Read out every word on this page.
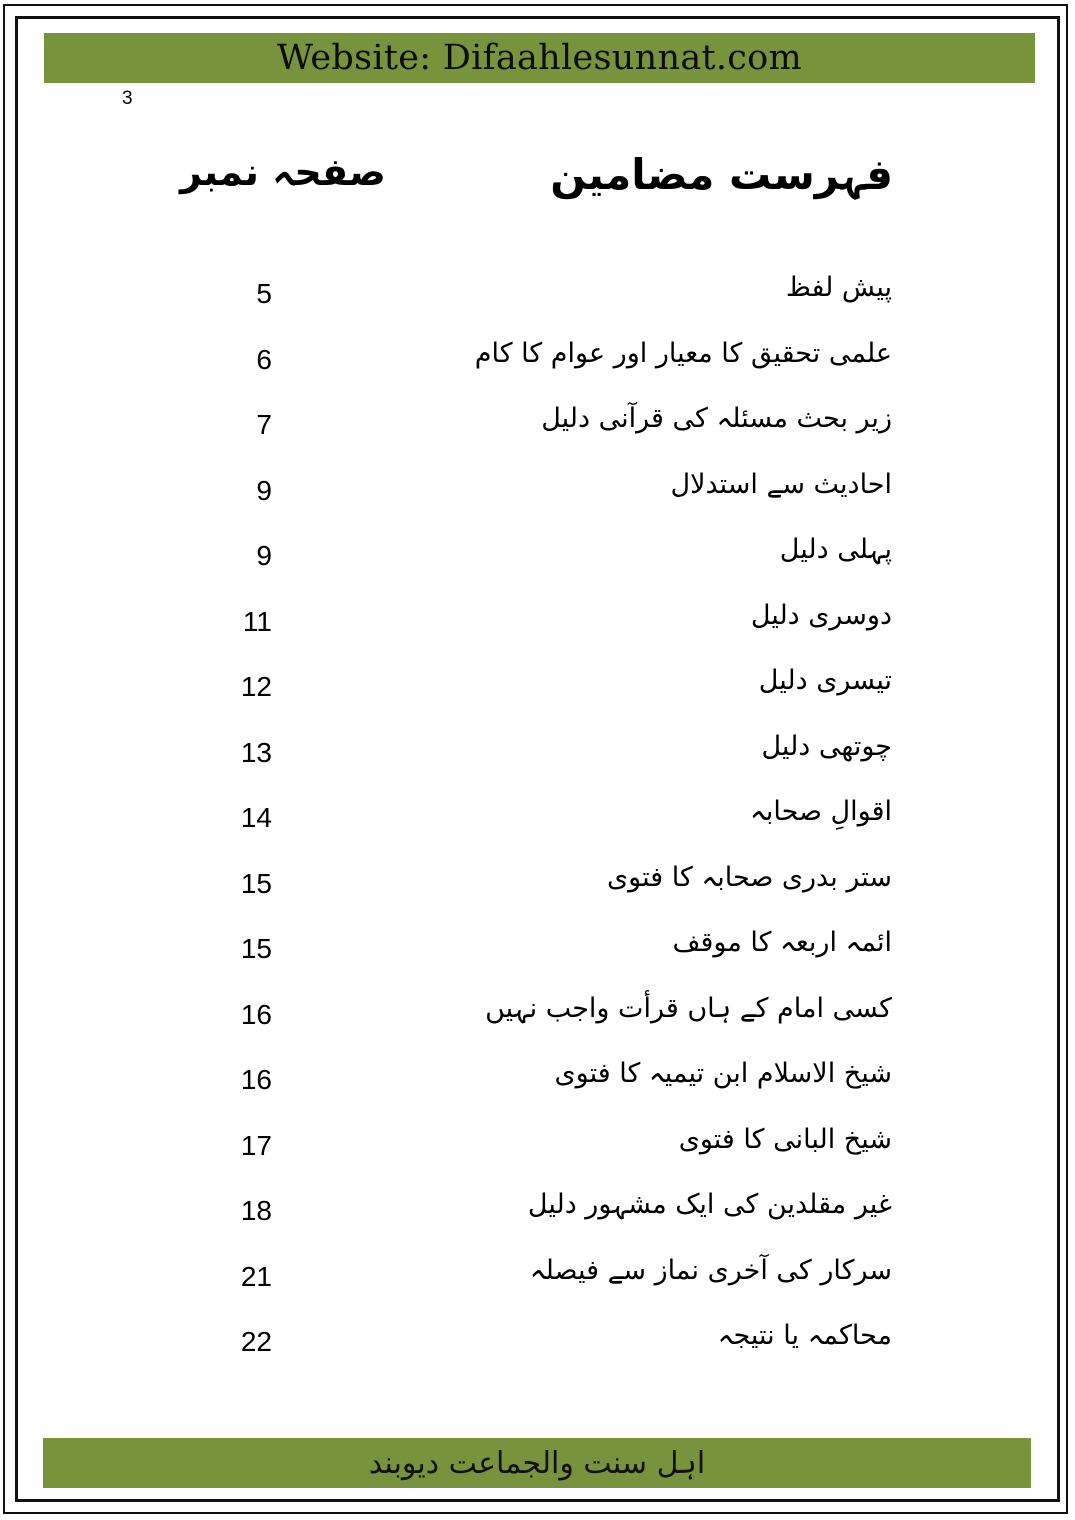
Website: Difaahlesunnat.com
3
فہرست مضامین
صفحہ نمبر
پیش لفظ
5
علمی تحقیق کا معیار اور عوام کا کام
6
زیر بحث مسئلہ کی قرآنی دلیل
7
احادیث سے استدلال
9
پہلی دلیل
9
دوسری دلیل
11
تیسری دلیل
12
چوتھی دلیل
13
اقوالِ صحابہ
14
ستر بدری صحابہ کا فتوی
15
ائمہ اربعہ کا موقف
15
کسی امام کے ہاں قرأت واجب نہیں
16
شیخ الاسلام ابن تیمیہ کا فتوی
16
شیخ البانی کا فتوی
17
غیر مقلدین کی ایک مشہور دلیل
18
سرکار کی آخری نماز سے فیصلہ
21
محاکمہ یا نتیجہ
22
اہل سنت والجماعت دیوبند
